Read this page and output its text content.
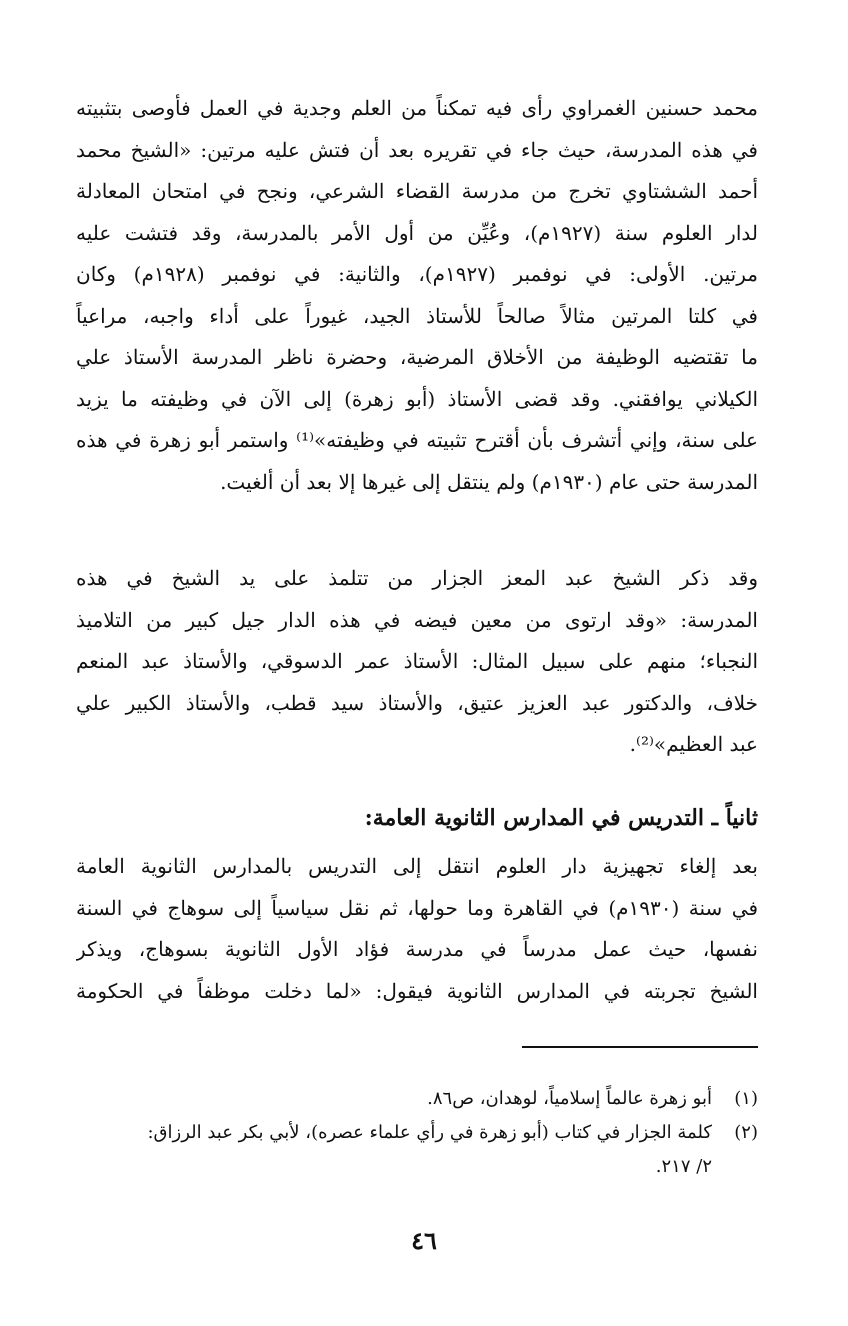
محمد حسنين الغمراوي رأى فيه تمكناً من العلم وجدية في العمل فأوصى بتثبيته
في هذه المدرسة، حيث جاء في تقريره بعد أن فتش عليه مرتين: «الشيخ محمد
أحمد الششتاوي تخرج من مدرسة القضاء الشرعي، ونجح في امتحان المعادلة
لدار العلوم سنة (١٩٢٧م)، وعُيِّن من أول الأمر بالمدرسة، وقد فتشت عليه
مرتين. الأولى: في نوفمبر (١٩٢٧م)، والثانية: في نوفمبر (١٩٢٨م) وكان
في كلتا المرتين مثالاً صالحاً للأستاذ الجيد، غيوراً على أداء واجبه، مراعياً
ما تقتضيه الوظيفة من الأخلاق المرضية، وحضرة ناظر المدرسة الأستاذ علي
الكيلاني يوافقني. وقد قضى الأستاذ (أبو زهرة) إلى الآن في وظيفته ما يزيد
على سنة، وإني أتشرف بأن أقترح تثبيته في وظيفته»⁽¹⁾ واستمر أبو زهرة في هذه
المدرسة حتى عام (١٩٣٠م) ولم ينتقل إلى غيرها إلا بعد أن ألغيت.
وقد ذكر الشيخ عبد المعز الجزار من تتلمذ على يد الشيخ في هذه
المدرسة: «وقد ارتوى من معين فيضه في هذه الدار جيل كبير من التلاميذ
النجباء؛ منهم على سبيل المثال: الأستاذ عمر الدسوقي، والأستاذ عبد المنعم
خلاف، والدكتور عبد العزيز عتيق، والأستاذ سيد قطب، والأستاذ الكبير علي
عبد العظيم»⁽²⁾.
ثانياً ـ التدريس في المدارس الثانوية العامة:
بعد إلغاء تجهيزية دار العلوم انتقل إلى التدريس بالمدارس الثانوية العامة
في سنة (١٩٣٠م) في القاهرة وما حولها، ثم نقل سياسياً إلى سوهاج في السنة
نفسها، حيث عمل مدرساً في مدرسة فؤاد الأول الثانوية بسوهاج، ويذكر
الشيخ تجربته في المدارس الثانوية فيقول: «لما دخلت موظفاً في الحكومة
(١)
أبو زهرة عالماً إسلامياً، لوهدان، ص٨٦.
(٢)
كلمة الجزار في كتاب (أبو زهرة في رأي علماء عصره)، لأبي بكر عبد الرزاق:
٢/ ٢١٧.
٤٦
